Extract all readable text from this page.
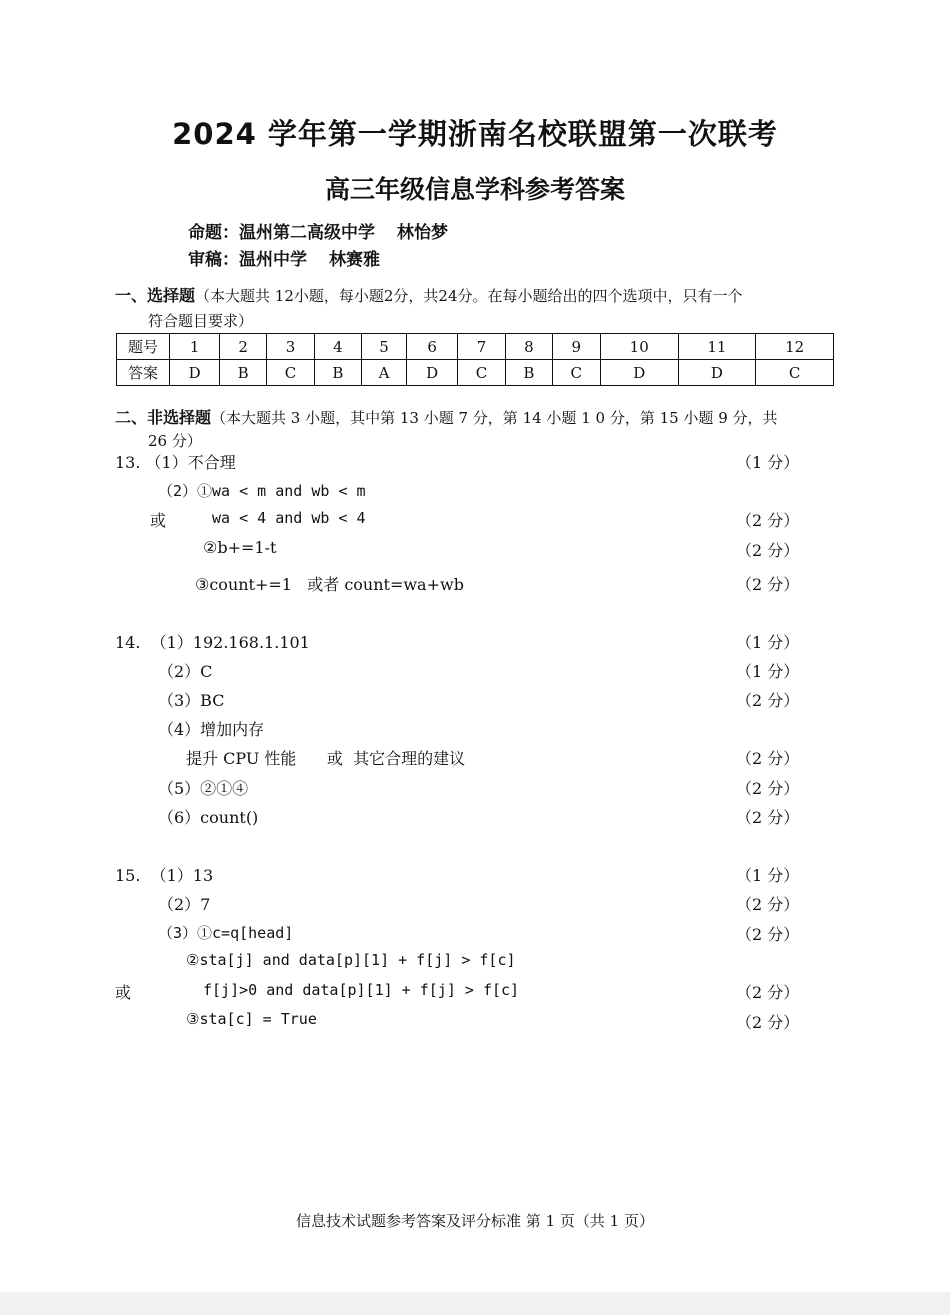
2024 学年第一学期浙南名校联盟第一次联考
高三年级信息学科参考答案
命题：温州第二高级中学 林怡梦
审稿：温州中学 林赛雅
一、选择题（本大题共 12小题，每小题2分，共24分。在每小题给出的四个选项中，只有一个
符合题目要求）
题号	1	2	3	4	5	6	7	8	9	10	11	12
答案	D	B	C	B	A	D	C	B	C	D	D	C
二、非选择题（本大题共 3 小题，其中第 13 小题 7 分，第 14 小题 1 0 分，第 15 小题 9 分，共
26 分）
13. （1）不合理	（1 分）
（2）①wa < m and wb < m
或	wa < 4 and wb < 4	（2 分）
②b+=1-t	（2 分）
③count+=1   或者 count=wa+wb	（2 分）
14.  （1）192.168.1.101	（1 分）
（2）C	（1 分）
（3）BC	（2 分）
（4）增加内存
提升 CPU 性能      或  其它合理的建议	（2 分）
（5）②①④	（2 分）
（6）count()	（2 分）
15.  （1）13	（1 分）
（2）7	（2 分）
（3）①c=q[head]	（2 分）
②sta[j] and data[p][1] + f[j] > f[c]
或	f[j]>0 and data[p][1] + f[j] > f[c]	（2 分）
③sta[c] = True	（2 分）
信息技术试题参考答案及评分标准 第 1 页（共 1 页）
